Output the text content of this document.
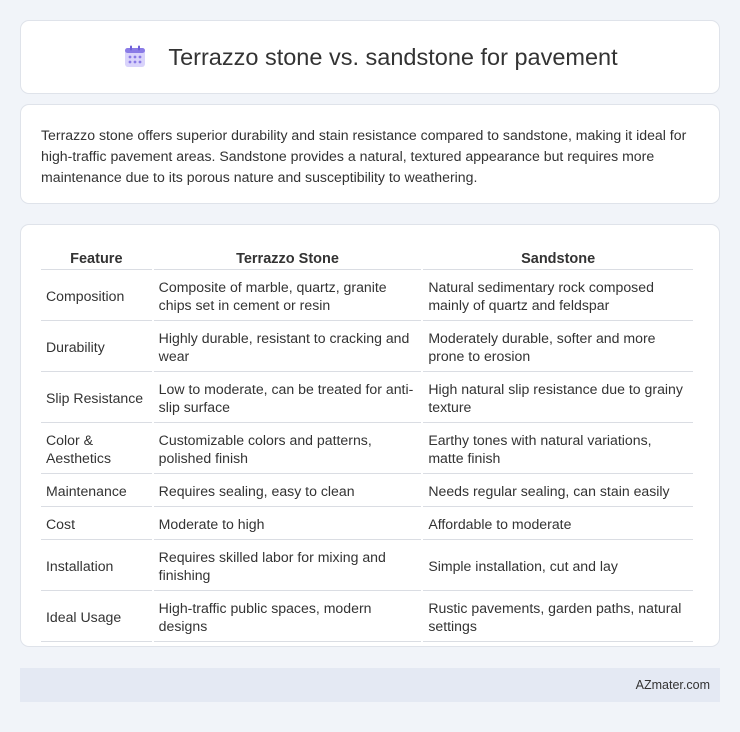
Terrazzo stone vs. sandstone for pavement

Terrazzo stone offers superior durability and stain resistance compared to sandstone, making it ideal for high-traffic pavement areas. Sandstone provides a natural, textured appearance but requires more maintenance due to its porous nature and susceptibility to weathering.

Feature	Terrazzo Stone	Sandstone
Composition	Composite of marble, quartz, granite chips set in cement or resin	Natural sedimentary rock composed mainly of quartz and feldspar
Durability	Highly durable, resistant to cracking and wear	Moderately durable, softer and more prone to erosion
Slip Resistance	Low to moderate, can be treated for anti-slip surface	High natural slip resistance due to grainy texture
Color & Aesthetics	Customizable colors and patterns, polished finish	Earthy tones with natural variations, matte finish
Maintenance	Requires sealing, easy to clean	Needs regular sealing, can stain easily
Cost	Moderate to high	Affordable to moderate
Installation	Requires skilled labor for mixing and finishing	Simple installation, cut and lay
Ideal Usage	High-traffic public spaces, modern designs	Rustic pavements, garden paths, natural settings
AZmater.com
